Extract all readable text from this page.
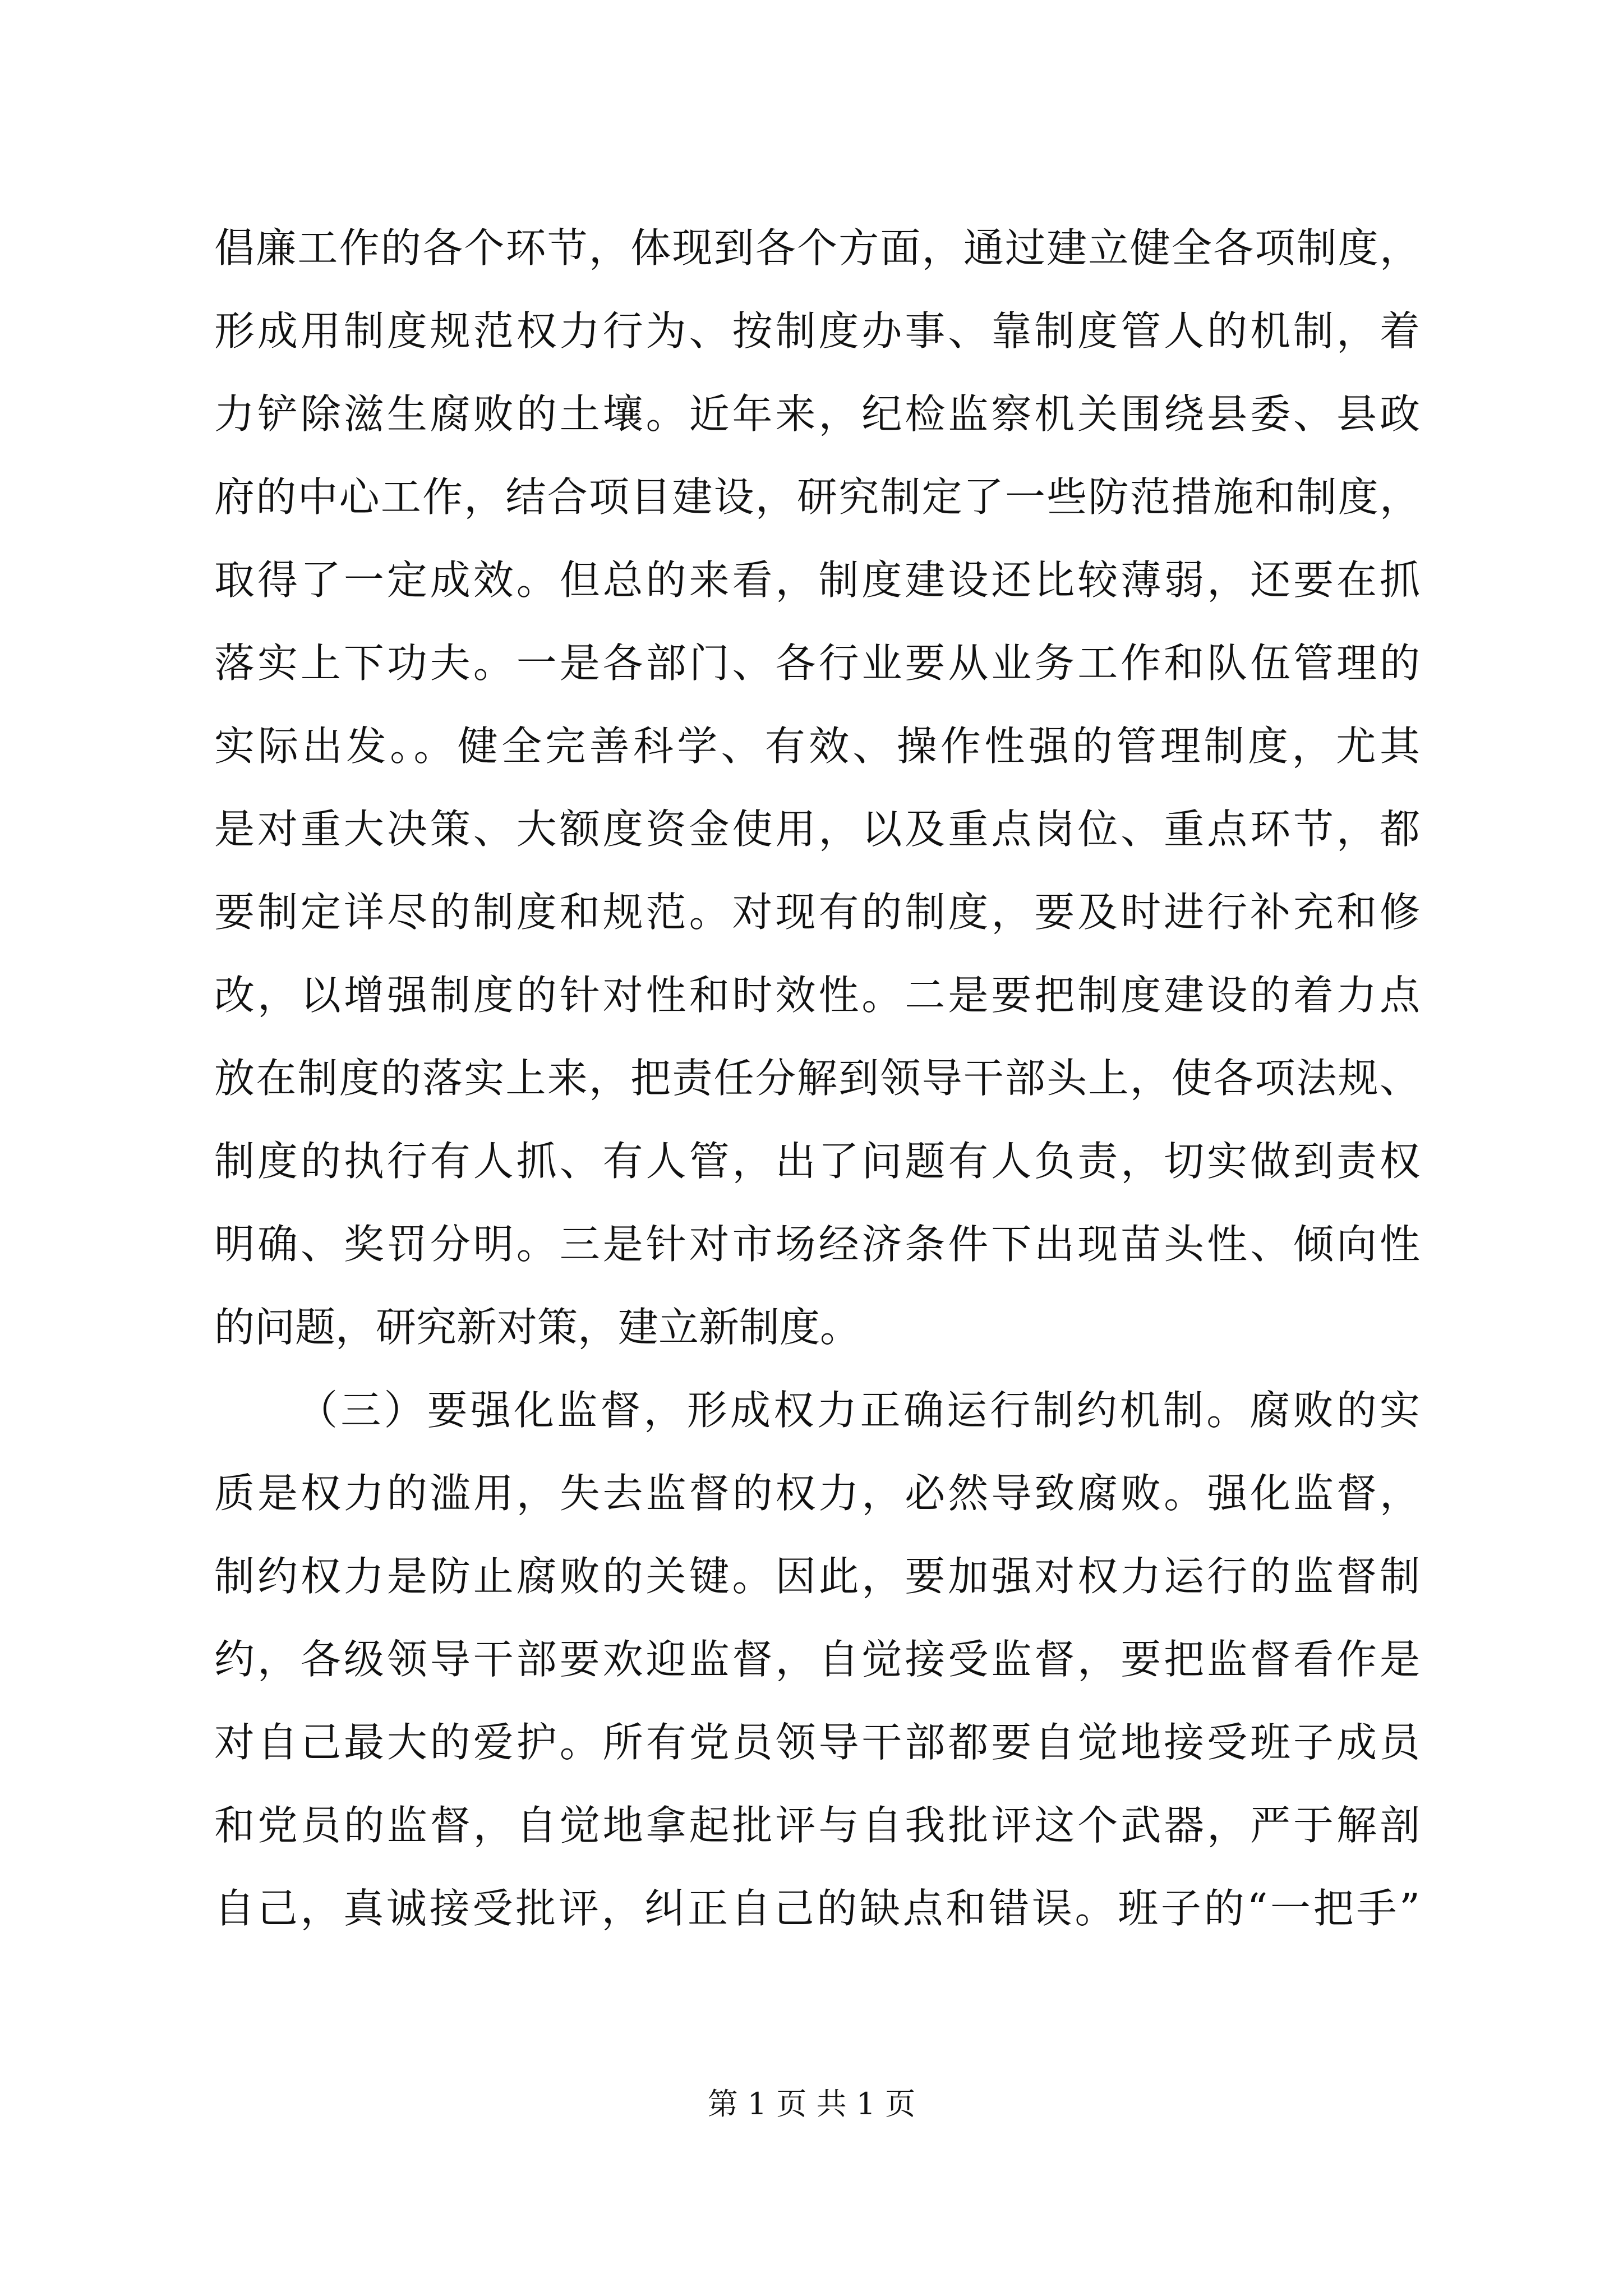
倡廉工作的各个环节，体现到各个方面，通过建立健全各项制度，
形成用制度规范权力行为、按制度办事、靠制度管人的机制，着
力铲除滋生腐败的土壤。近年来，纪检监察机关围绕县委、县政
府的中心工作，结合项目建设，研究制定了一些防范措施和制度，
取得了一定成效。但总的来看，制度建设还比较薄弱，还要在抓
落实上下功夫。一是各部门、各行业要从业务工作和队伍管理的
实际出发。。健全完善科学、有效、操作性强的管理制度，尤其
是对重大决策、大额度资金使用，以及重点岗位、重点环节，都
要制定详尽的制度和规范。对现有的制度，要及时进行补充和修
改，以增强制度的针对性和时效性。二是要把制度建设的着力点
放在制度的落实上来，把责任分解到领导干部头上，使各项法规、
制度的执行有人抓、有人管，出了问题有人负责，切实做到责权
明确、奖罚分明。三是针对市场经济条件下出现苗头性、倾向性
的问题，研究新对策，建立新制度。
（三）要强化监督，形成权力正确运行制约机制。腐败的实
质是权力的滥用，失去监督的权力，必然导致腐败。强化监督，
制约权力是防止腐败的关键。因此，要加强对权力运行的监督制
约，各级领导干部要欢迎监督，自觉接受监督，要把监督看作是
对自己最大的爱护。所有党员领导干部都要自觉地接受班子成员
和党员的监督，自觉地拿起批评与自我批评这个武器，严于解剖
自己，真诚接受批评，纠正自己的缺点和错误。班子的“一把手”
第 1 页 共 1 页
